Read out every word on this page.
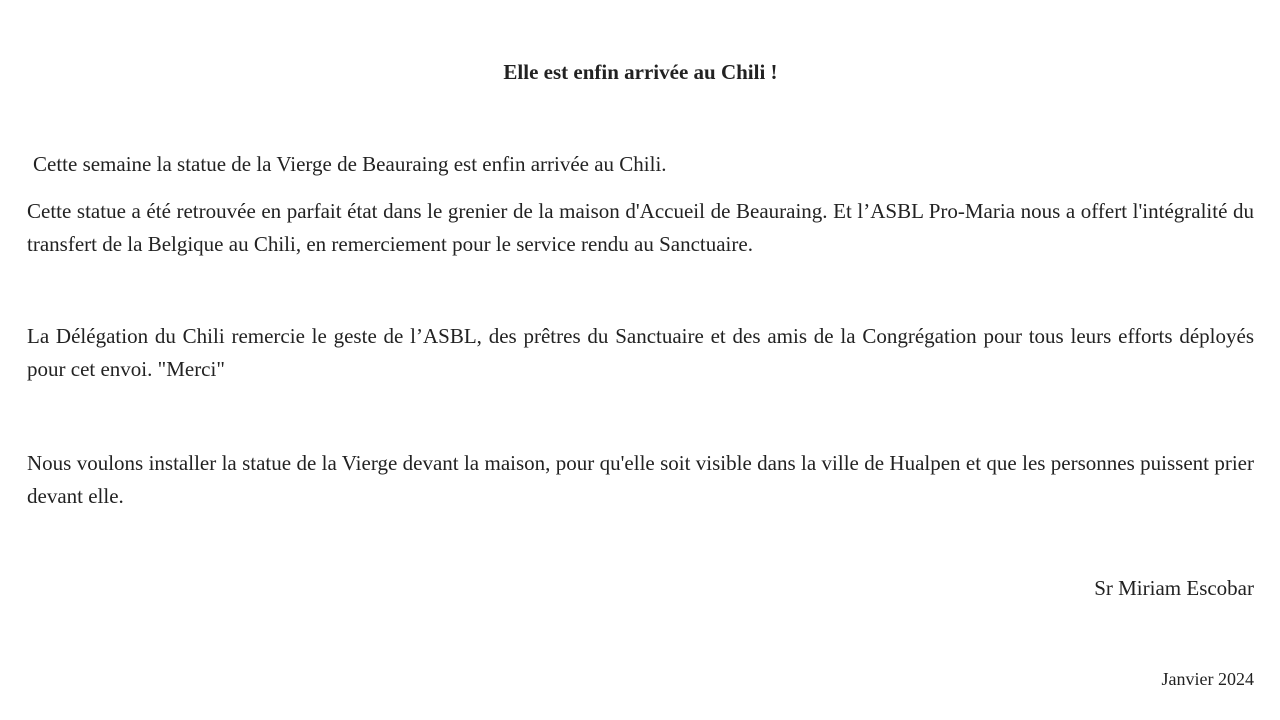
Elle est enfin arrivée au Chili !

Cette semaine la statue de la Vierge de Beauraing est enfin arrivée au Chili.

Cette statue a été retrouvée en parfait état dans le grenier de la maison d'Accueil de Beauraing. Et l’ASBL Pro-Maria nous a offert l'intégralité du transfert de la Belgique au Chili, en remerciement pour le service rendu au Sanctuaire.

La Délégation du Chili remercie le geste de l’ASBL, des prêtres du Sanctuaire et des amis de la Congrégation pour tous leurs efforts déployés pour cet envoi. "Merci"

Nous voulons installer la statue de la Vierge devant la maison, pour qu'elle soit visible dans la ville de Hualpen et que les personnes puissent prier devant elle.

Sr Miriam Escobar
Janvier 2024
